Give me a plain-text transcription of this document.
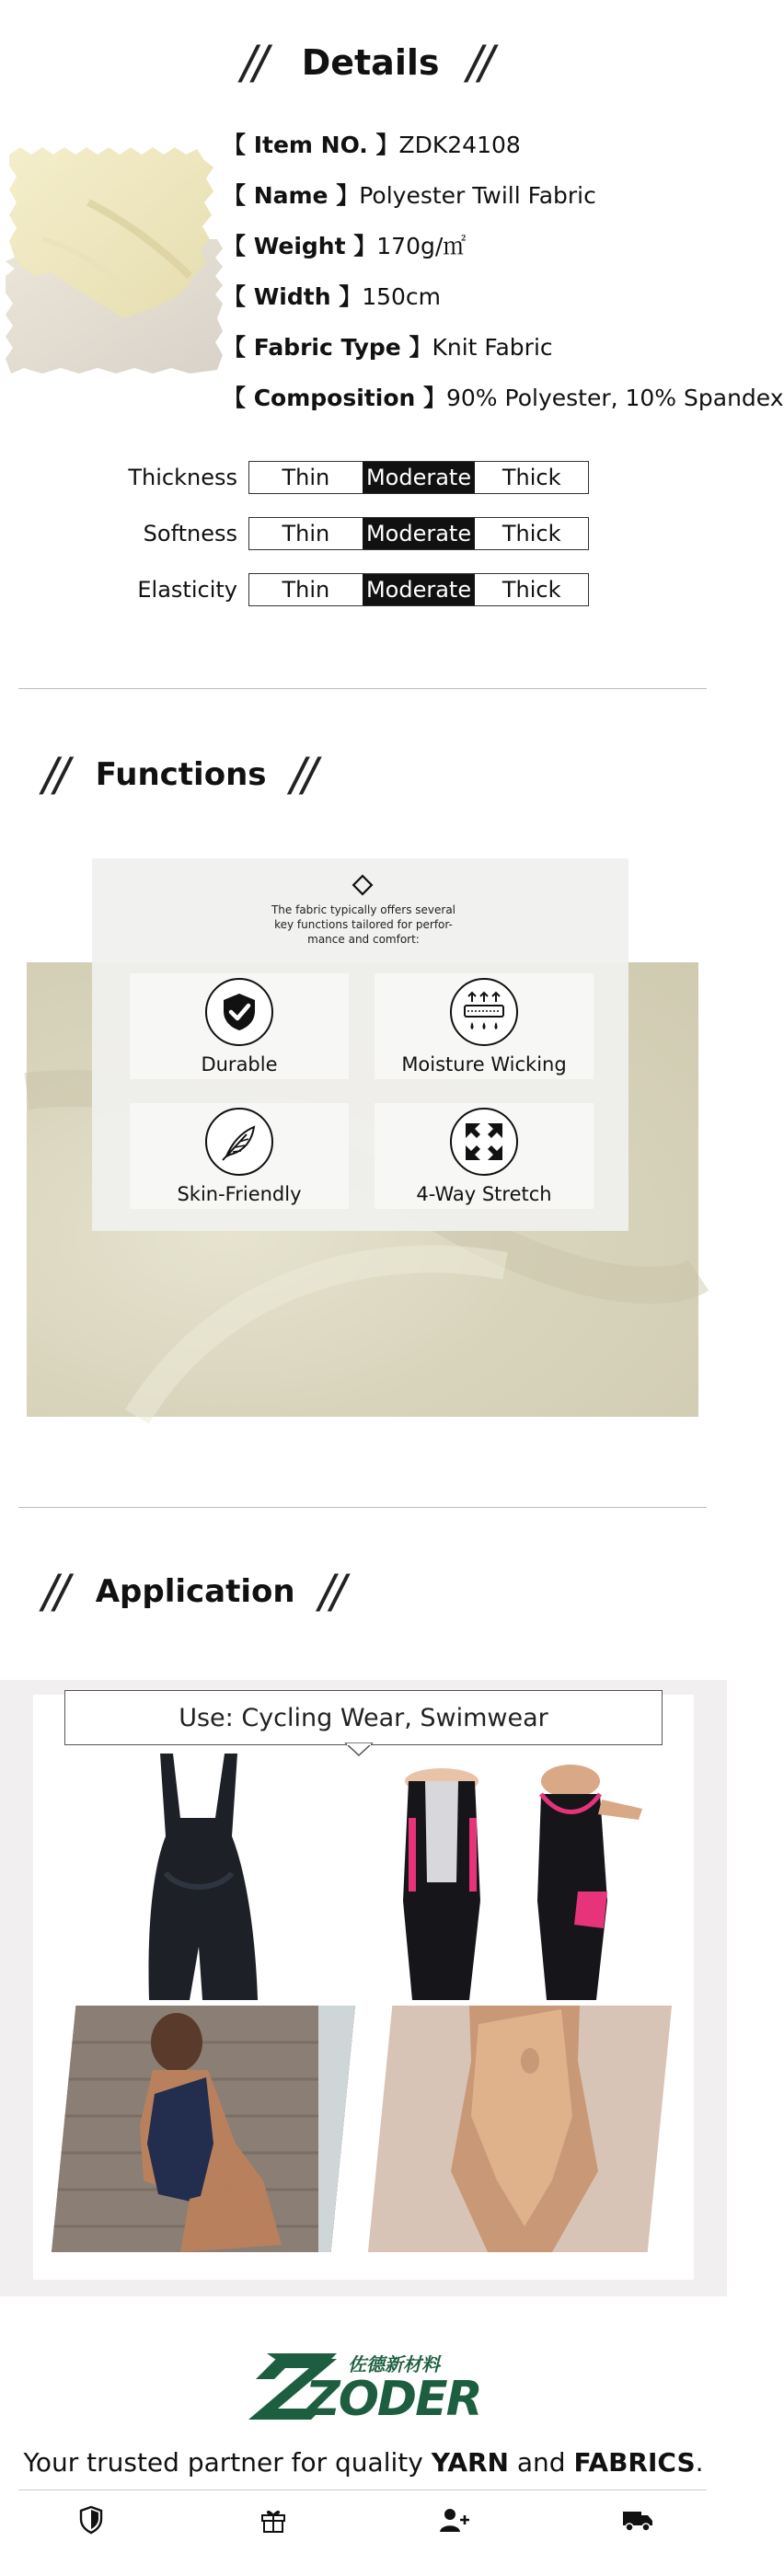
// Details //
【 Item NO. 】ZDK24108
【 Name 】Polyester Twill Fabric
【 Weight 】170g/㎡
【 Width 】150cm
【 Fabric Type 】Knit Fabric
【 Composition 】90% Polyester, 10% Spandex
Thickness	Thin	Moderate	Thick
Softness	Thin	Moderate	Thick
Elasticity	Thin	Moderate	Thick
// Functions //
The fabric typically offers several
key functions tailored for perfor-
mance and comfort:
Durable	Moisture Wicking
Skin-Friendly	4-Way Stretch
// Application //
Use: Cycling Wear, Swimwear
ZODER
佐德新材料
Your trusted partner for quality YARN and FABRICS.
